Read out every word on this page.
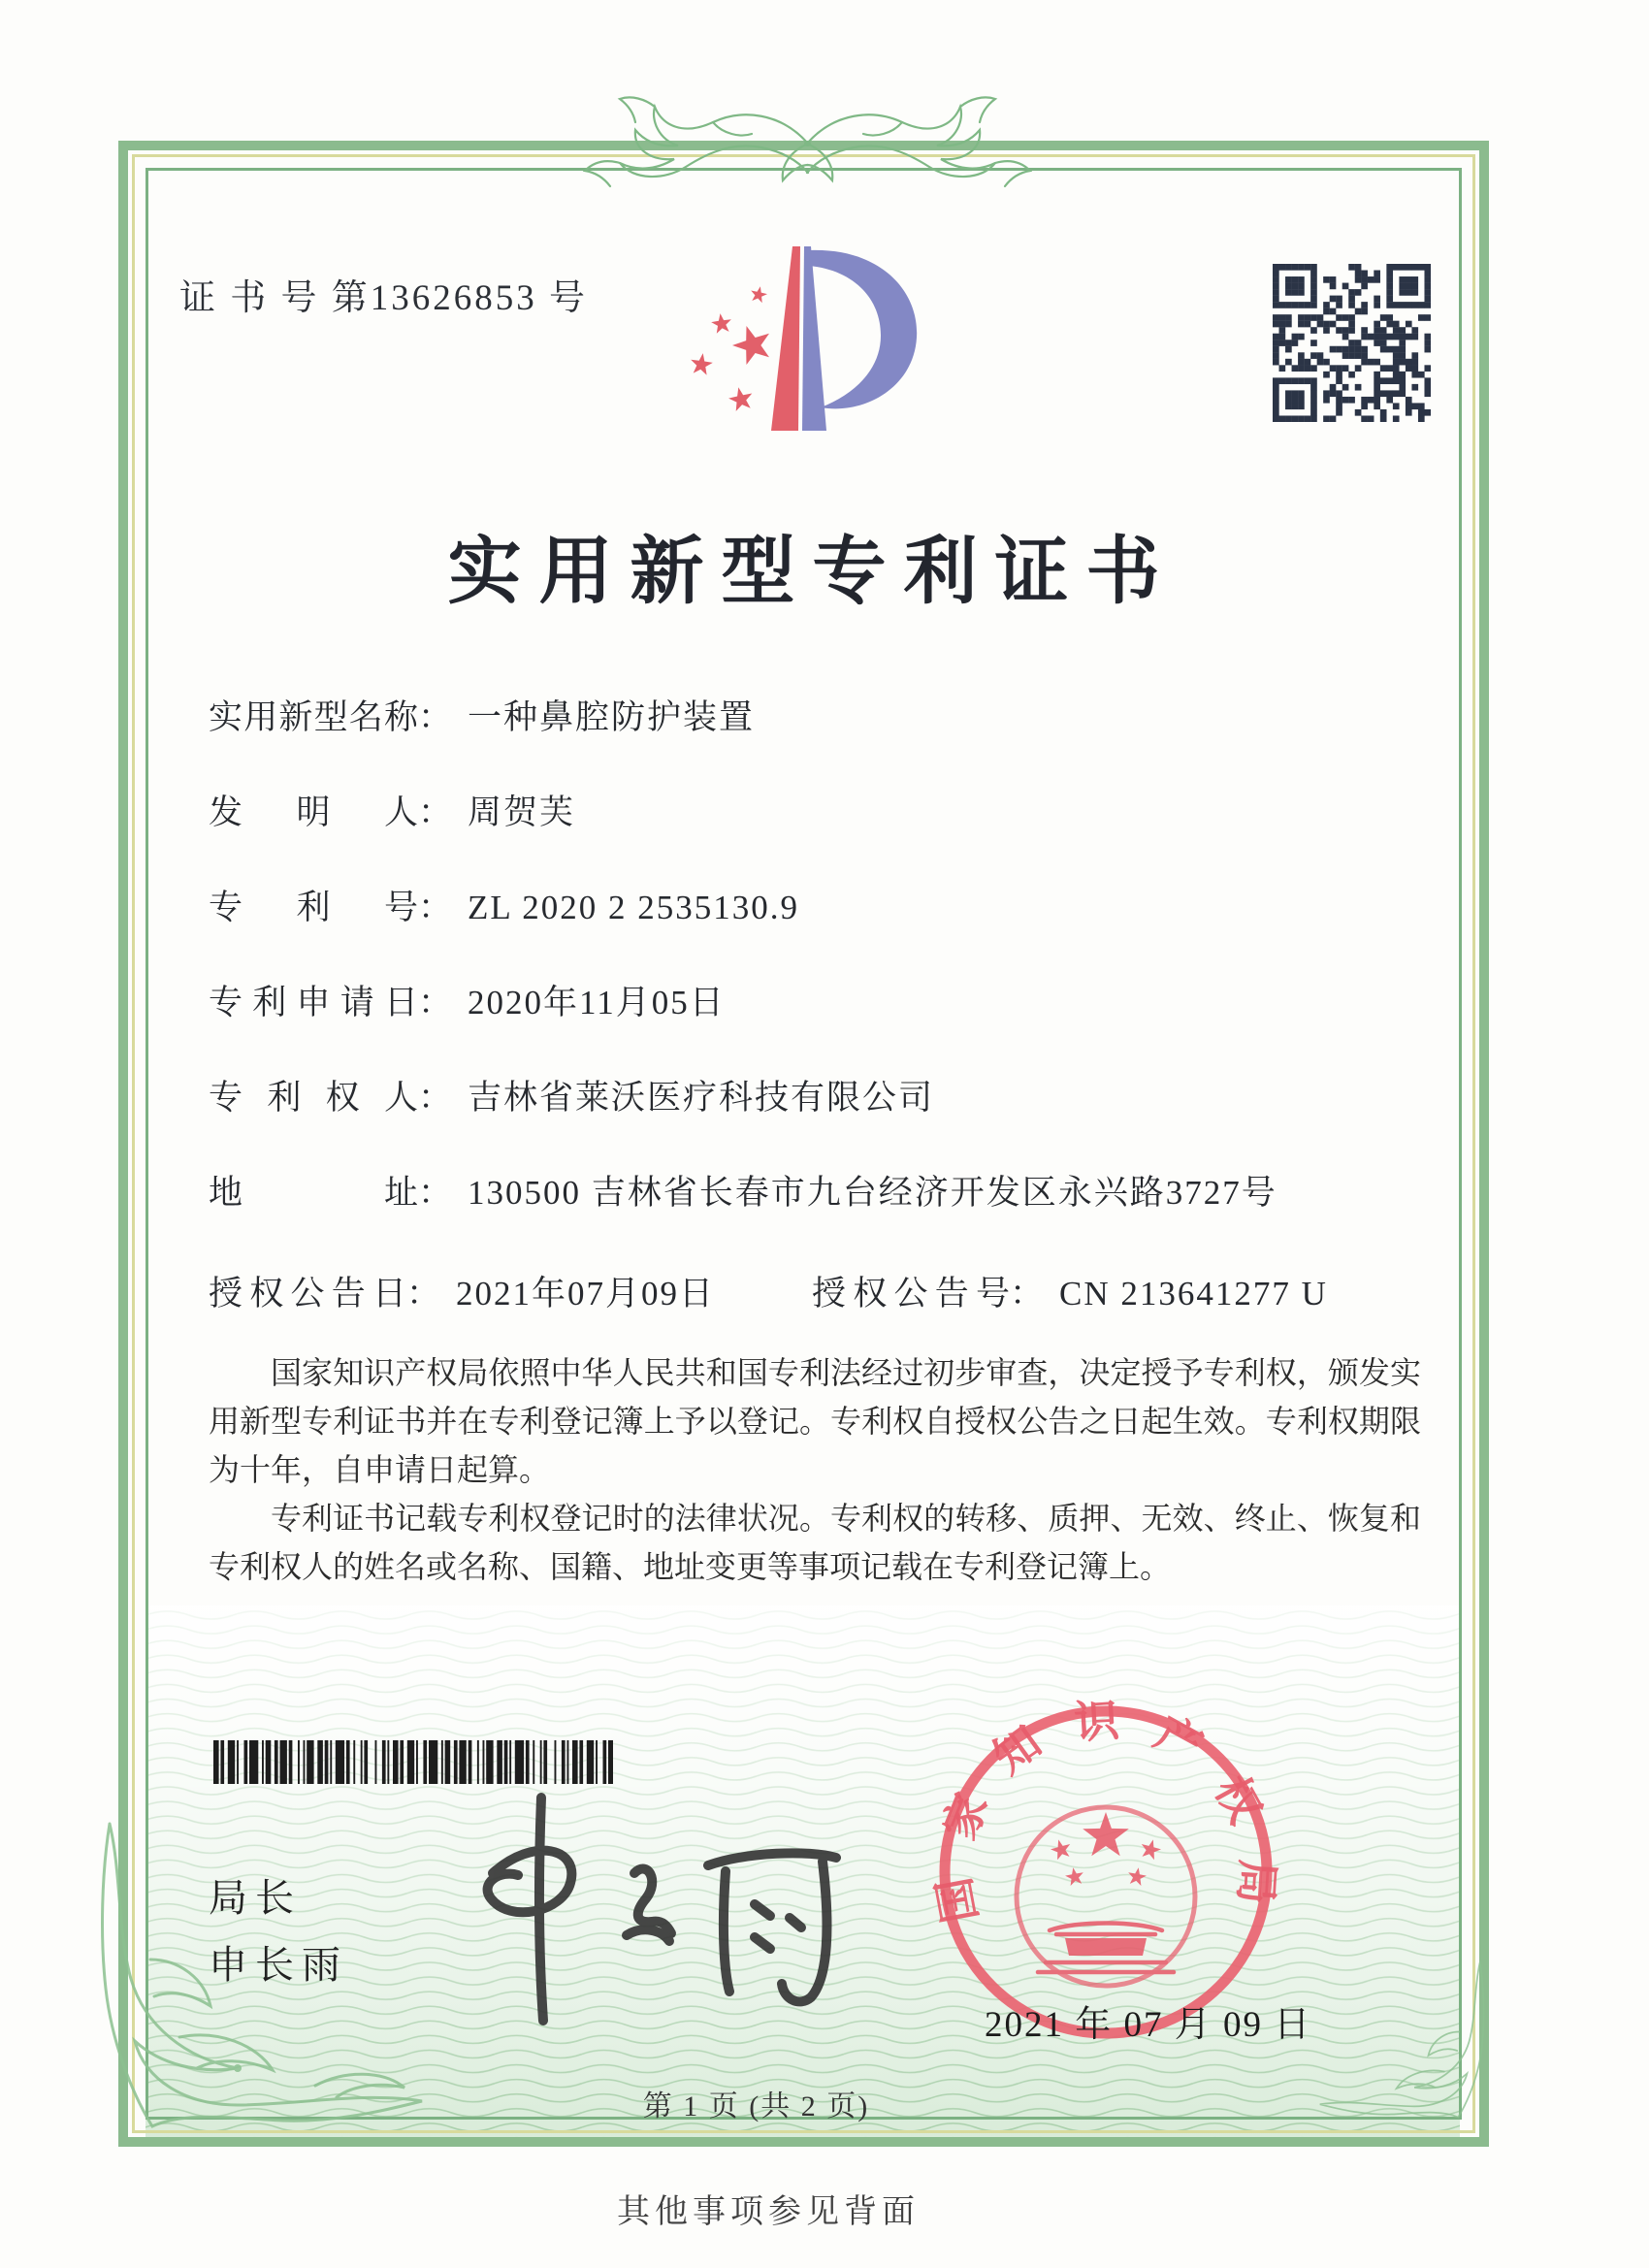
证 书 号 第13626853 号
实用新型专利证书
实用新型名称： 一种鼻腔防护装置
发明人： 周贺芙
专利号： ZL 2020 2 2535130.9
专利申请日： 2020年11月05日
专利权人： 吉林省莱沃医疗科技有限公司
地址： 130500 吉林省长春市九台经济开发区永兴路3727号
授权公告日： 2021年07月09日	授权公告号： CN 213641277 U

国家知识产权局依照中华人民共和国专利法经过初步审查，决定授予专利权，颁发实用新型专利证书并在专利登记簿上予以登记。专利权自授权公告之日起生效。专利权期限为十年，自申请日起算。

专利证书记载专利权登记时的法律状况。专利权的转移、质押、无效、终止、恢复和专利权人的姓名或名称、国籍、地址变更等事项记载在专利登记簿上。

局长
申长雨
国家知识产权局
2021 年 07 月 09 日
第 1 页 (共 2 页)
其他事项参见背面
